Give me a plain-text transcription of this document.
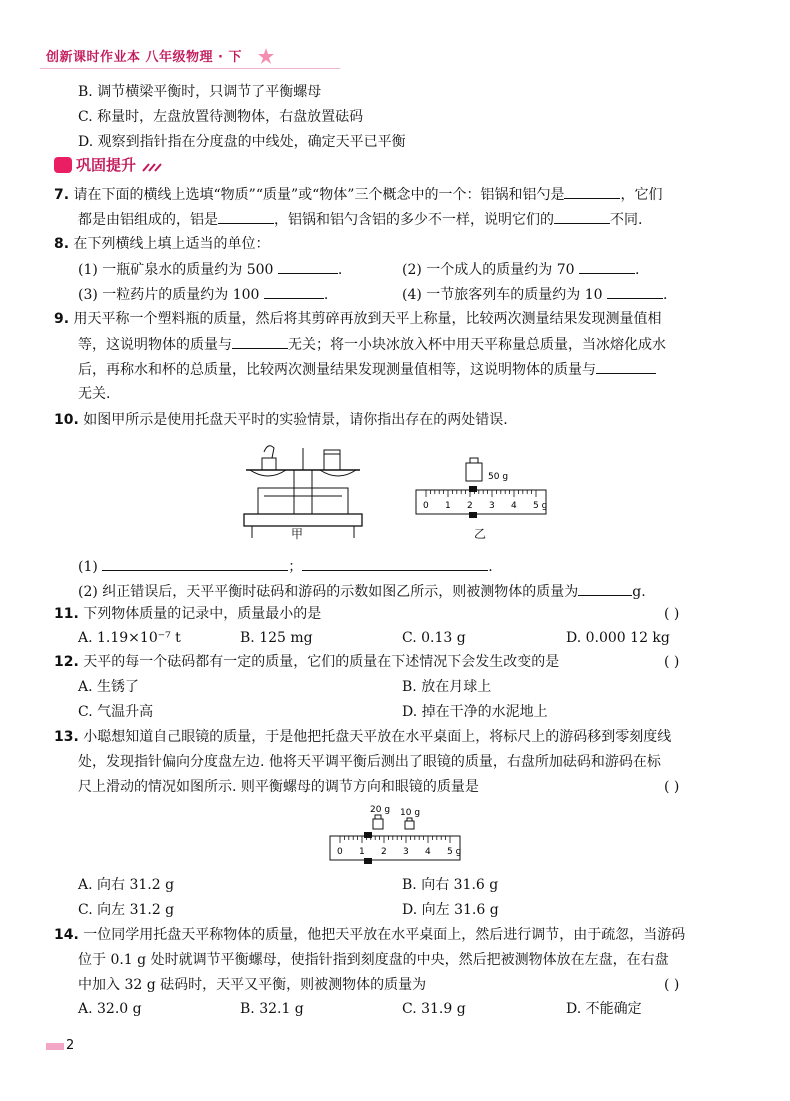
创新课时作业本 八年级物理 · 下
B. 调节横梁平衡时，只调节了平衡螺母
C. 称量时，左盘放置待测物体，右盘放置砝码
D. 观察到指针指在分度盘的中线处，确定天平已平衡
巩固提升
7. 请在下面的横线上选填“物质”“质量”或“物体”三个概念中的一个：铝锅和铝勺是	，它们
都是由铝组成的，铝是	，铝锅和铝勺含铝的多少不一样，说明它们的	不同.
8. 在下列横线上填上适当的单位：
(1) 一瓶矿泉水的质量约为 500	.	(2) 一个成人的质量约为 70	.
(3) 一粒药片的质量约为 100	.	(4) 一节旅客列车的质量约为 10	.
9. 用天平称一个塑料瓶的质量，然后将其剪碎再放到天平上称量，比较两次测量结果发现测量值相
等，这说明物体的质量与	无关；将一小块冰放入杯中用天平称量总质量，当冰熔化成水
后，再称水和杯的总质量，比较两次测量结果发现测量值相等，这说明物体的质量与
无关.
10. 如图甲所示是使用托盘天平时的实验情景，请你指出存在的两处错误.
甲
50 g
0 1 2 3 4 5 g
乙
(1)	；	.
(2) 纠正错误后，天平平衡时砝码和游码的示数如图乙所示，则被测物体的质量为	g.
11. 下列物体质量的记录中，质量最小的是	( )
A. 1.19×10⁻⁷ t	B. 125 mg	C. 0.13 g	D. 0.000 12 kg
12. 天平的每一个砝码都有一定的质量，它们的质量在下述情况下会发生改变的是	( )
A. 生锈了	B. 放在月球上
C. 气温升高	D. 掉在干净的水泥地上
13. 小聪想知道自己眼镜的质量，于是他把托盘天平放在水平桌面上，将标尺上的游码移到零刻度线
处，发现指针偏向分度盘左边. 他将天平调平衡后测出了眼镜的质量，右盘所加砝码和游码在标
尺上滑动的情况如图所示. 则平衡螺母的调节方向和眼镜的质量是	( )
20 g 10 g
0 1 2 3 4 5 g
A. 向右 31.2 g	B. 向右 31.6 g
C. 向左 31.2 g	D. 向左 31.6 g
14. 一位同学用托盘天平称物体的质量，他把天平放在水平桌面上，然后进行调节，由于疏忽，当游码
位于 0.1 g 处时就调节平衡螺母，使指针指到刻度盘的中央，然后把被测物体放在左盘，在右盘
中加入 32 g 砝码时，天平又平衡，则被测物体的质量为	( )
A. 32.0 g	B. 32.1 g	C. 31.9 g	D. 不能确定
2
